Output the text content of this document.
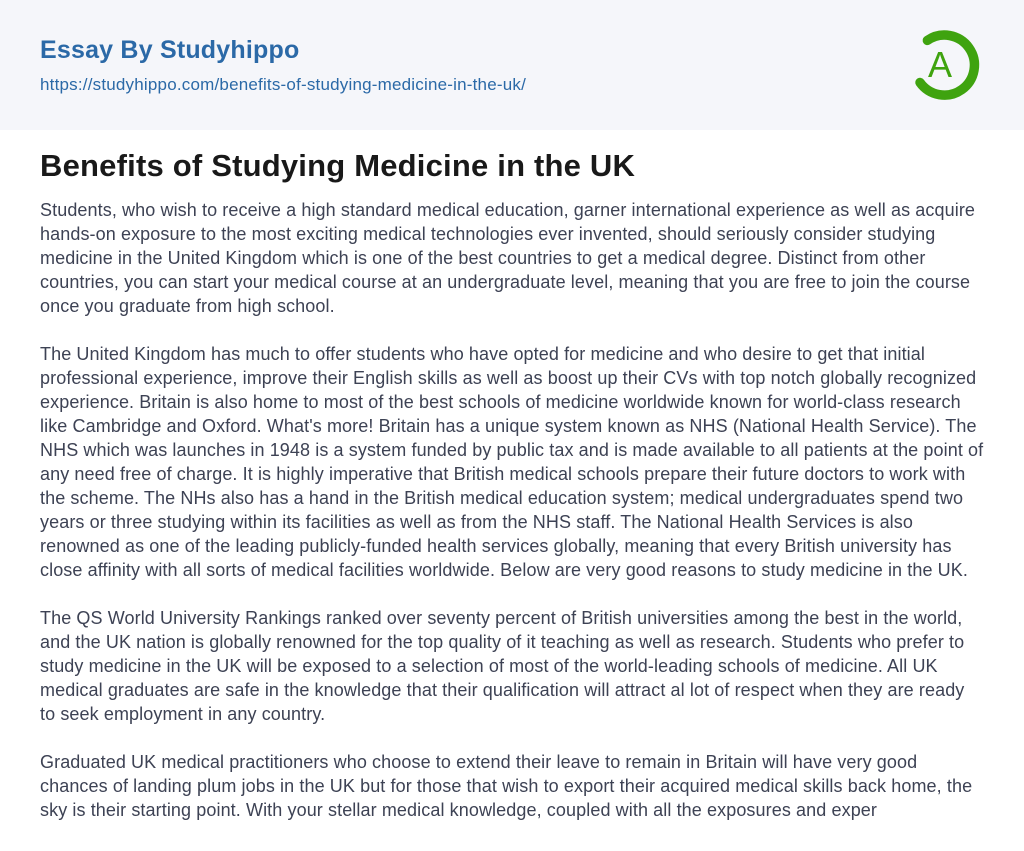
Essay By Studyhippo
https://studyhippo.com/benefits-of-studying-medicine-in-the-uk/	A
Benefits of Studying Medicine in the UK

Students, who wish to receive a high standard medical education, garner international experience as well as acquire hands-on exposure to the most exciting medical technologies ever invented, should seriously consider studying medicine in the United Kingdom which is one of the best countries to get a medical degree. Distinct from other countries, you can start your medical course at an undergraduate level, meaning that you are free to join the course once you graduate from high school.

The United Kingdom has much to offer students who have opted for medicine and who desire to get that initial professional experience, improve their English skills as well as boost up their CVs with top notch globally recognized experience. Britain is also home to most of the best schools of medicine worldwide known for world-class research like Cambridge and Oxford. What's more! Britain has a unique system known as NHS (National Health Service). The NHS which was launches in 1948 is a system funded by public tax and is made available to all patients at the point of any need free of charge. It is highly imperative that British medical schools prepare their future doctors to work with the scheme. The NHs also has a hand in the British medical education system; medical undergraduates spend two years or three studying within its facilities as well as from the NHS staff. The National Health Services is also renowned as one of the leading publicly-funded health services globally, meaning that every British university has close affinity with all sorts of medical facilities worldwide. Below are very good reasons to study medicine in the UK.

The QS World University Rankings ranked over seventy percent of British universities among the best in the world, and the UK nation is globally renowned for the top quality of it teaching as well as research. Students who prefer to study medicine in the UK will be exposed to a selection of most of the world-leading schools of medicine. All UK medical graduates are safe in the knowledge that their qualification will attract al lot of respect when they are ready to seek employment in any country.

Graduated UK medical practitioners who choose to extend their leave to remain in Britain will have very good chances of landing plum jobs in the UK but for those that wish to export their acquired medical skills back home, the sky is their starting point. With your stellar medical knowledge, coupled with all the exposures and exper
